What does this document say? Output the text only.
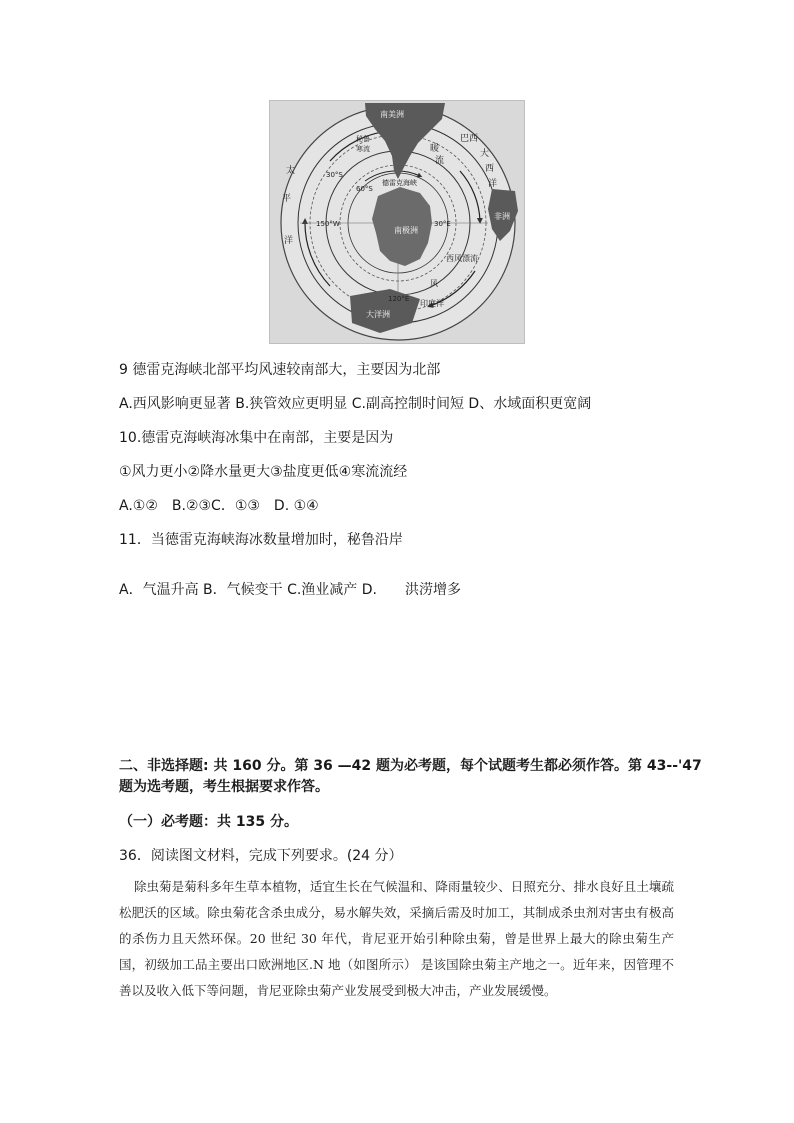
南美洲
巴西
暖
流
大
西
洋
秘鲁
寒流
30°S
60°S
德雷克海峡
南极洲
太
平
洋
150°W	30°E
120°E
非洲
大洋洲
西风漂流
印度洋
风
9 德雷克海峡北部平均风速较南部大，主要因为北部
A.西风影响更显著 B.狭管效应更明显 C.副高控制时间短 D、水域面积更宽阔
10.德雷克海峡海冰集中在南部，主要是因为
①风力更小②降水量更大③盐度更低④寒流流经
A.①②　B.②③C．①③　D. ①④
11．当德雷克海峡海冰数量增加时，秘鲁沿岸
A．气温升高 B．气候变干 C.渔业减产 D.　　洪涝增多
二、非选择题: 共 160 分。第 36 —42 题为必考题，每个试题考生都必须作答。第 43--'47
题为选考题，考生根据要求作答。
（一）必考题：共 135 分。
36．阅读图文材料，完成下列要求。(24 分）
除虫菊是菊科多年生草本植物，适宜生长在气候温和、降雨量较少、日照充分、排水良好且土壤疏松肥沃的区域。除虫菊花含杀虫成分，易水解失效，采摘后需及时加工，其制成杀虫剂对害虫有极高的杀伤力且天然环保。20 世纪 30 年代，肯尼亚开始引种除虫菊，曾是世界上最大的除虫菊生产国，初级加工品主要出口欧洲地区.N 地（如图所示） 是该国除虫菊主产地之一。近年来，因管理不善以及收入低下等问题，肯尼亚除虫菊产业发展受到极大冲击，产业发展缓慢。
